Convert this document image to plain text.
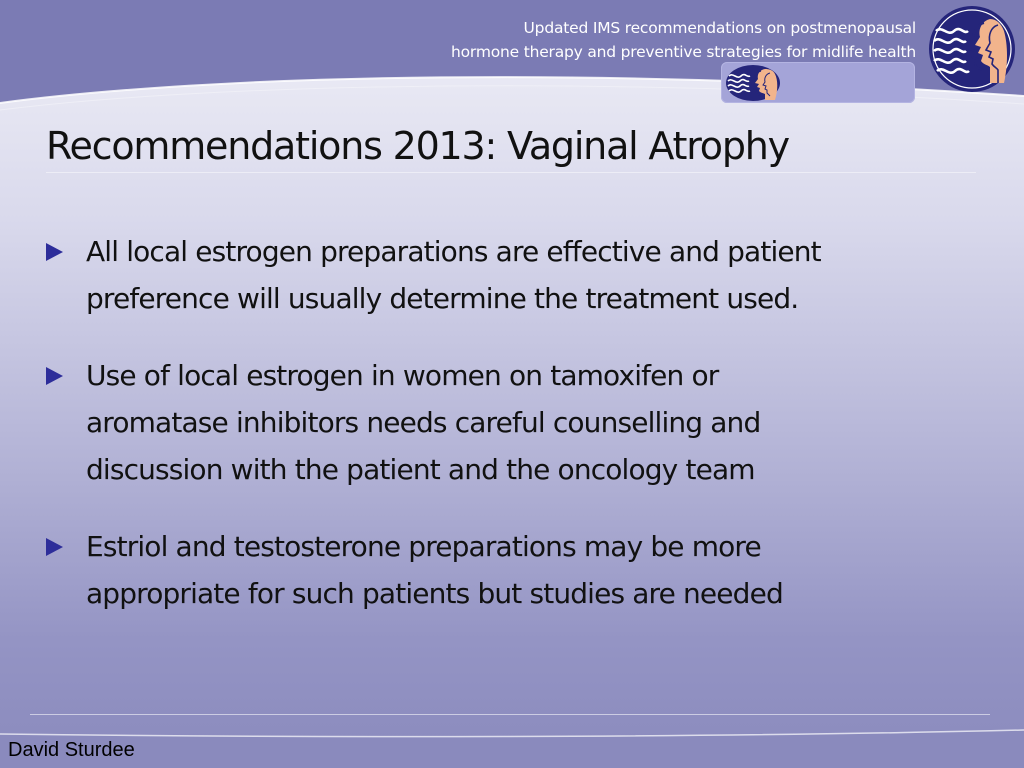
Updated IMS recommendations on postmenopausal
hormone therapy and preventive strategies for midlife health
Recommendations 2013: Vaginal Atrophy
All local estrogen preparations are effective and patient
preference will usually determine the treatment used.
Use of local estrogen in women on tamoxifen or
aromatase inhibitors needs careful counselling and
discussion with the patient and the oncology team
Estriol and testosterone preparations may be more
appropriate for such patients but studies are needed

David Sturdee
